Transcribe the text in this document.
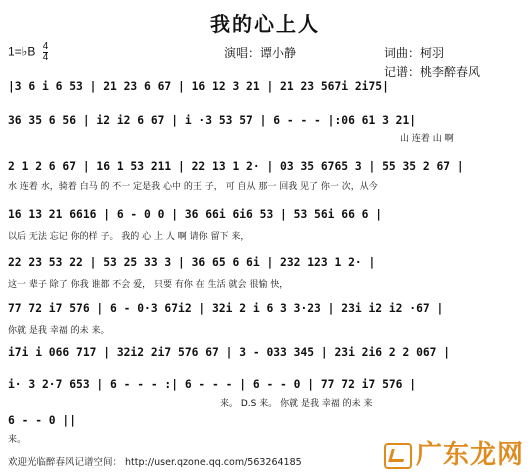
我的心上人
1=♭B $\frac{4}{4}$	演唱：谭小静	词曲：柯羽
记谱：桃李醉春风
|3 6 i 6 53 | 21 23 6 67 | 16 12 3 21 | 21 23 567i 2i75|
36 35 6 56 | i2 i2 6 67 | i ·3 53 57 | 6 - - - |:06 61 3 21|
山 连着 山 啊
2 1 2 6 67 | 16 1 53 211 | 22 13 1 2· | 03 35 6765 3 | 55 35 2 67 |
水 连着 水，骑着 白马 的 不一 定是我 心中 的王 子， 可 自从 那一 回我 见了 你一 次，从今
16 13 21 6616 | 6 - 0 0 | 36 66i 6i6 53 | 53 56i 66 6 |
以后 无法 忘记 你的样 子。 我的 心 上 人 啊 请你 留下 来，
22 23 53 22 | 53 25 33 3 | 36 65 6 6i | 232 123 1 2· |
这一 辈子 除了 你我 谁都 不会 爱， 只要 有你 在 生活 就会 很愉 快，
77 72 i7 576 | 6 - 0·3 67i2 | 32i 2 i 6 3 3·23 | 23i i2 i2 ·67 |
你就 是我 幸福 的未 来。
i7i i 066 717 | 32i2 2i7 576 67 | 3 - 033 345 | 23i 2i6 2 2 067 |
i· 3 2·7 653 | 6 - - - :| 6 - - - | 6 - - 0 | 77 72 i7 576 |
来。 D.S 来。 你就 是我 幸福 的未 来
6 - - 0 ||
来。
欢迎光临醉春风记谱空间： http://user.qzone.qq.com/563264185	广东龙网
